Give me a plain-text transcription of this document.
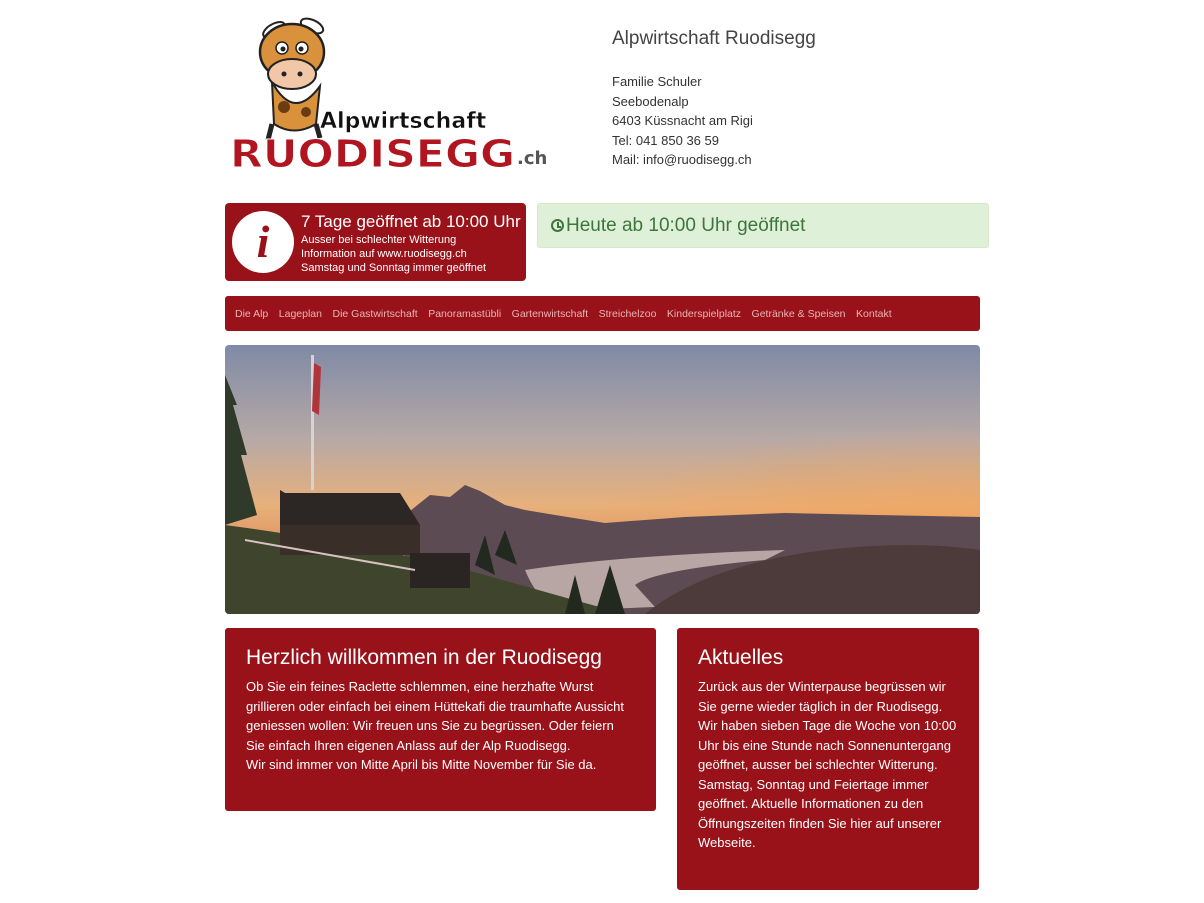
Alpwirtschaft
RUODISEGG .ch
Alpwirtschaft Ruodisegg
Familie Schuler
Seebodenalp
6403 Küssnacht am Rigi
Tel: 041 850 36 59
Mail: info@ruodisegg.ch
i	7 Tage geöffnet ab 10:00 Uhr
Ausser bei schlechter Witterung
Information auf www.ruodisegg.ch
Samstag und Sonntag immer geöffnet
Heute ab 10:00 Uhr geöffnet
Die Alp Lageplan Die Gastwirtschaft Panoramastübli Gartenwirtschaft Streichelzoo Kinderspielplatz Getränke & Speisen Kontakt
Herzlich willkommen in der Ruodisegg

Ob Sie ein feines Raclette schlemmen, eine herzhafte Wurst grillieren oder einfach bei einem Hüttekafi die traumhafte Aussicht geniessen wollen: Wir freuen uns Sie zu begrüssen. Oder feiern Sie einfach Ihren eigenen Anlass auf der Alp Ruodisegg.

Wir sind immer von Mitte April bis Mitte November für Sie da.

Aktuelles

Zurück aus der Winterpause begrüssen wir Sie gerne wieder täglich in der Ruodisegg. Wir haben sieben Tage die Woche von 10:00 Uhr bis eine Stunde nach Sonnenuntergang geöffnet, ausser bei schlechter Witterung. Samstag, Sonntag und Feiertage immer geöffnet. Aktuelle Informationen zu den Öffnungszeiten finden Sie hier auf unserer Webseite.
